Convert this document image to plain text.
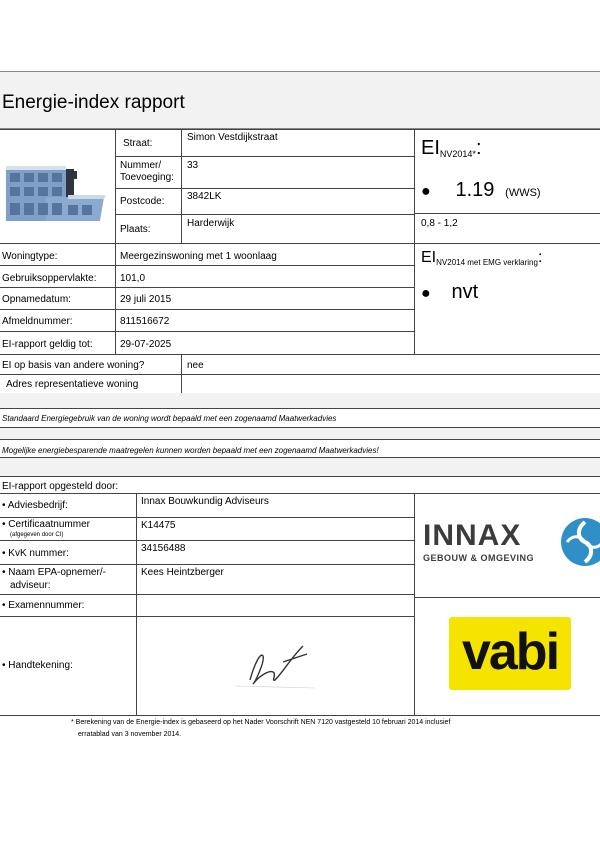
Energie-index rapport
Straat:
Simon Vestdijkstraat
Nummer/ Toevoeging:
33
Postcode: 3842LK
Plaats:
Harderwijk
EINV2014*:
● 1.19 (WWS)
0,8 - 1,2
$EI_{NV2014 met EMG verklaring}$:
● nvt
Woningtype:	Meergezinswoning met 1 woonlaag
Gebruiksoppervlakte: 101,0
Opnamedatum:	29 juli 2015
Afmeldnummer:	811516672
EI-rapport geldig tot:	29-07-2025
EI op basis van andere woning?	nee
Adres representatieve woning
Standaard Energiegebruik van de woning wordt bepaald met een zogenaamd Maatwerkadvies
Mogelijke energiebesparende maatregelen kunnen worden bepaald met een zogenaamd Maatwerkadvies!
EI-rapport opgesteld door:
• Adviesbedrijf:	Innax Bouwkundig Adviseurs
• Certificaatnummer
(afgegeven door CI)
K14475
• KvK nummer:	34156488
• Naam EPA-opnemer/-
adviseur:
Kees Heintzberger
• Examennummer:
• Handtekening:
INNAX
GEBOUW & OMGEVING
vabi
* Berekening van de Energie-index is gebaseerd op het Nader Voorschrift NEN 7120 vastgesteld 10 februari 2014 inclusief
erratablad van 3 november 2014.
